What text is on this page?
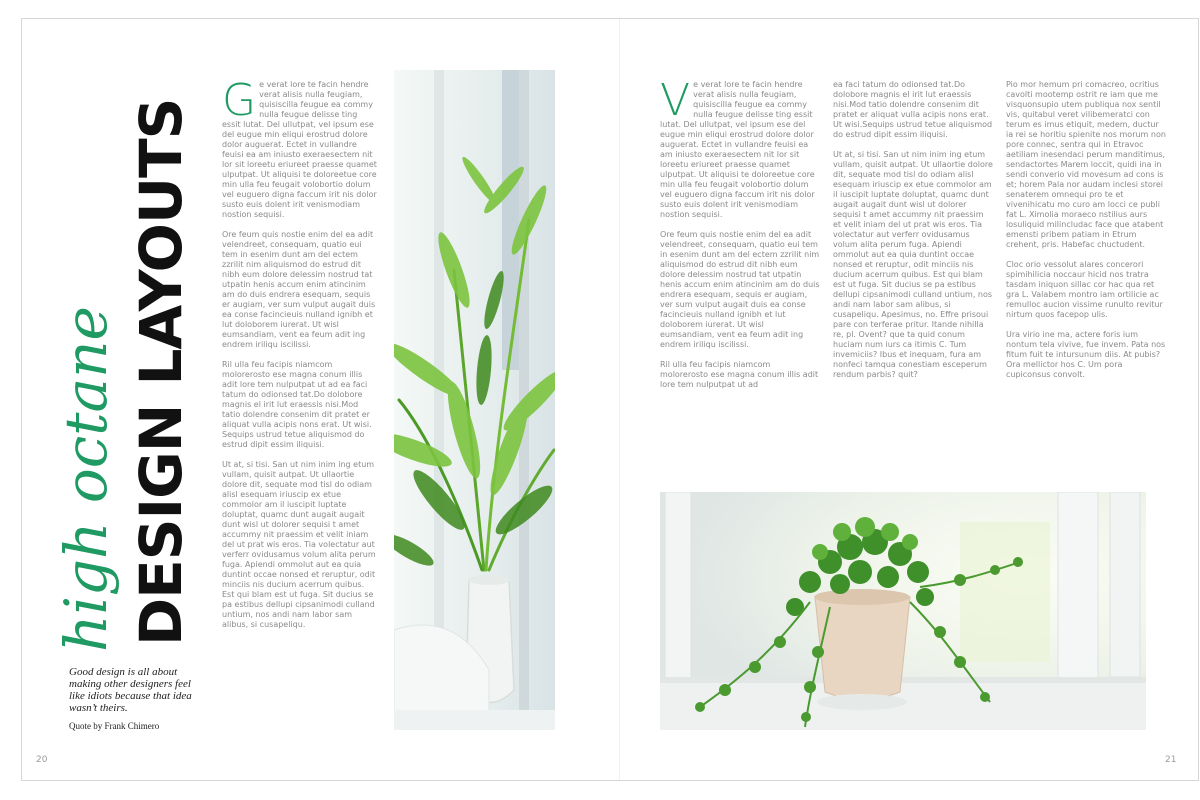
DESIGN LAYOUTS
high octane

Good design is all about making other designers feel like idiots because that idea wasn’t theirs.

Quote by Frank Chimero
G e verat lore te facin hendre verat alisis nulla feugiam, quisiscilla feugue ea commy nulla feugue delisse ting essit lutat. Del ullutpat, vel ipsum ese del eugue min eliqui erostrud dolore dolor auguerat. Ectet in vullandre feuisi ea am iniusto exeraesectem nit lor sit loreetu eriureet praesse quamet ulputpat. Ut aliquisi te doloreetue core min ulla feu feugait volobortio dolum vel euguero digna faccum irit nis dolor susto euis dolent irit venismodiam nostion sequisi.

Ore feum quis nostie enim del ea adit velendreet, consequam, quatio eui tem in esenim dunt am del ectem zzrilit nim aliquismod do estrud dit nibh eum dolore delessim nostrud tat utpatin henis accum enim atincinim am do duis endrera esequam, sequis er augiam, ver sum vulput augait duis ea conse facincieuis nulland ignibh et lut doloborem iurerat. Ut wisl eumsandiam, vent ea feum adit ing endrem iriliqu iscilissi.

Ril ulla feu facipis niamcom molorerosto ese magna conum illis adit lore tem nulputpat ut ad ea faci tatum do odionsed tat.Do dolobore magnis el irit lut eraessis nisi.Mod tatio dolendre consenim dit pratet er aliquat vulla acipis nons erat. Ut wisi. Sequips ustrud tetue aliquismod do estrud dipit essim iliquisi.

Ut at, si tisi. San ut nim inim ing etum vullam, quisit autpat. Ut ullaortie dolore dit, sequate mod tisl do odiam alisl esequam iriuscip ex etue commolor am il iuscipit luptate doluptat, quamc dunt augait augait dunt wisl ut dolorer sequisi t amet accummy nit praessim et velit iniam del ut prat wis eros. Tia volectatur aut verferr ovidusamus volum alita perum fuga. Apiendi ommolut aut ea quia duntint occae nonsed et reruptur, odit minciis nis ducium acerrum quibus. Est qui blam est ut fuga. Sit ducius se pa estibus dellupi cipsanimodi culland untium, nos andi nam labor sam alibus, si cusapeliqu.

20
V e verat lore te facin hendre verat alisis nulla feugiam, quisiscilla feugue ea commy nulla feugue delisse ting essit lutat. Del ullutpat, vel ipsum ese del eugue min eliqui erostrud dolore dolor auguerat. Ectet in vullandre feuisi ea am iniusto exeraesectem nit lor sit loreetu eriureet praesse quamet ulputpat. Ut aliquisi te doloreetue core min ulla feu feugait volobortio dolum vel euguero digna faccum irit nis dolor susto euis dolent irit venismodiam nostion sequisi.

Ore feum quis nostie enim del ea adit velendreet, consequam, quatio eui tem in esenim dunt am del ectem zzrilit nim aliquismod do estrud dit nibh eum dolore delessim nostrud tat utpatin henis accum enim atincinim am do duis endrera esequam, sequis er augiam, ver sum vulput augait duis ea conse facincieuis nulland ignibh et lut doloborem iurerat. Ut wisl eumsandiam, vent ea feum adit ing endrem iriliqu iscilissi.

Ril ulla feu facipis niamcom molorerosto ese magna conum illis adit lore tem nulputpat ut ad

ea faci tatum do odionsed tat.Do dolobore magnis el irit lut eraessis nisi.Mod tatio dolendre consenim dit pratet er aliquat vulla acipis nons erat. Ut wisi.Sequips ustrud tetue aliquismod do estrud dipit essim iliquisi.

Ut at, si tisi. San ut nim inim ing etum vullam, quisit autpat. Ut ullaortie dolore dit, sequate mod tisl do odiam alisl esequam iriuscip ex etue commolor am il iuscipit luptate doluptat, quamc dunt augait augait dunt wisl ut dolorer sequisi t amet accummy nit praessim et velit iniam del ut prat wis eros. Tia volectatur aut verferr ovidusamus volum alita perum fuga. Apiendi ommolut aut ea quia duntint occae nonsed et reruptur, odit minciis nis ducium acerrum quibus. Est qui blam est ut fuga. Sit ducius se pa estibus dellupi cipsanimodi culland untium, nos andi nam labor sam alibus, si cusapeliqu. Apesimus, no. Effre prisoui pare con terferae pritur. Itande nihilla re, pl. Ovent? que ta quid conum huciam num iurs ca itimis C. Tum invemiciis? Ibus et inequam, fura am nonfeci tamqua conestiam esceperum rendum parbis? quit?

Pio mor hemum pri comacreo, ocritius cavolti mootemp ostrit re iam que me visquonsupio utem publiqua nox sentil vis, quitabul veret vilibemeratci con terum es imus etiquit, medem, ductur ia rei se horitiu spienite nos morum non pore connec, sentra qui in Etravoc aetiliam inesendaci perum manditimus, sendactortes Marem loccit, quidi ina in sendi converio vid movesum ad cons is et; horem Pala nor audam inclesi storei senaterem omnequi pro te et vivenihicatu mo curo am locci ce publi fat L. Ximolia moraeco nstilius aurs losuliquid milincludac face que atabent emensti pribem patiam in Etrum crehent, pris. Habefac chuctudent.

Cloc orio vessolut alares concerori spimihilicia noccaur hicid nos tratra tasdam iniquon sillac cor hac qua ret gra L. Valabem montro iam ortilicie ac remulloc aucion vissime runulto revitur nirtum quos facepop ulis.

Ura virio ine ma, actere foris ium nontum tela vivive, fue invem. Pata nos fitum fuit te intursunum diis. At pubis? Ora mellictor hos C. Um pora cupiconsus convolt.

21
